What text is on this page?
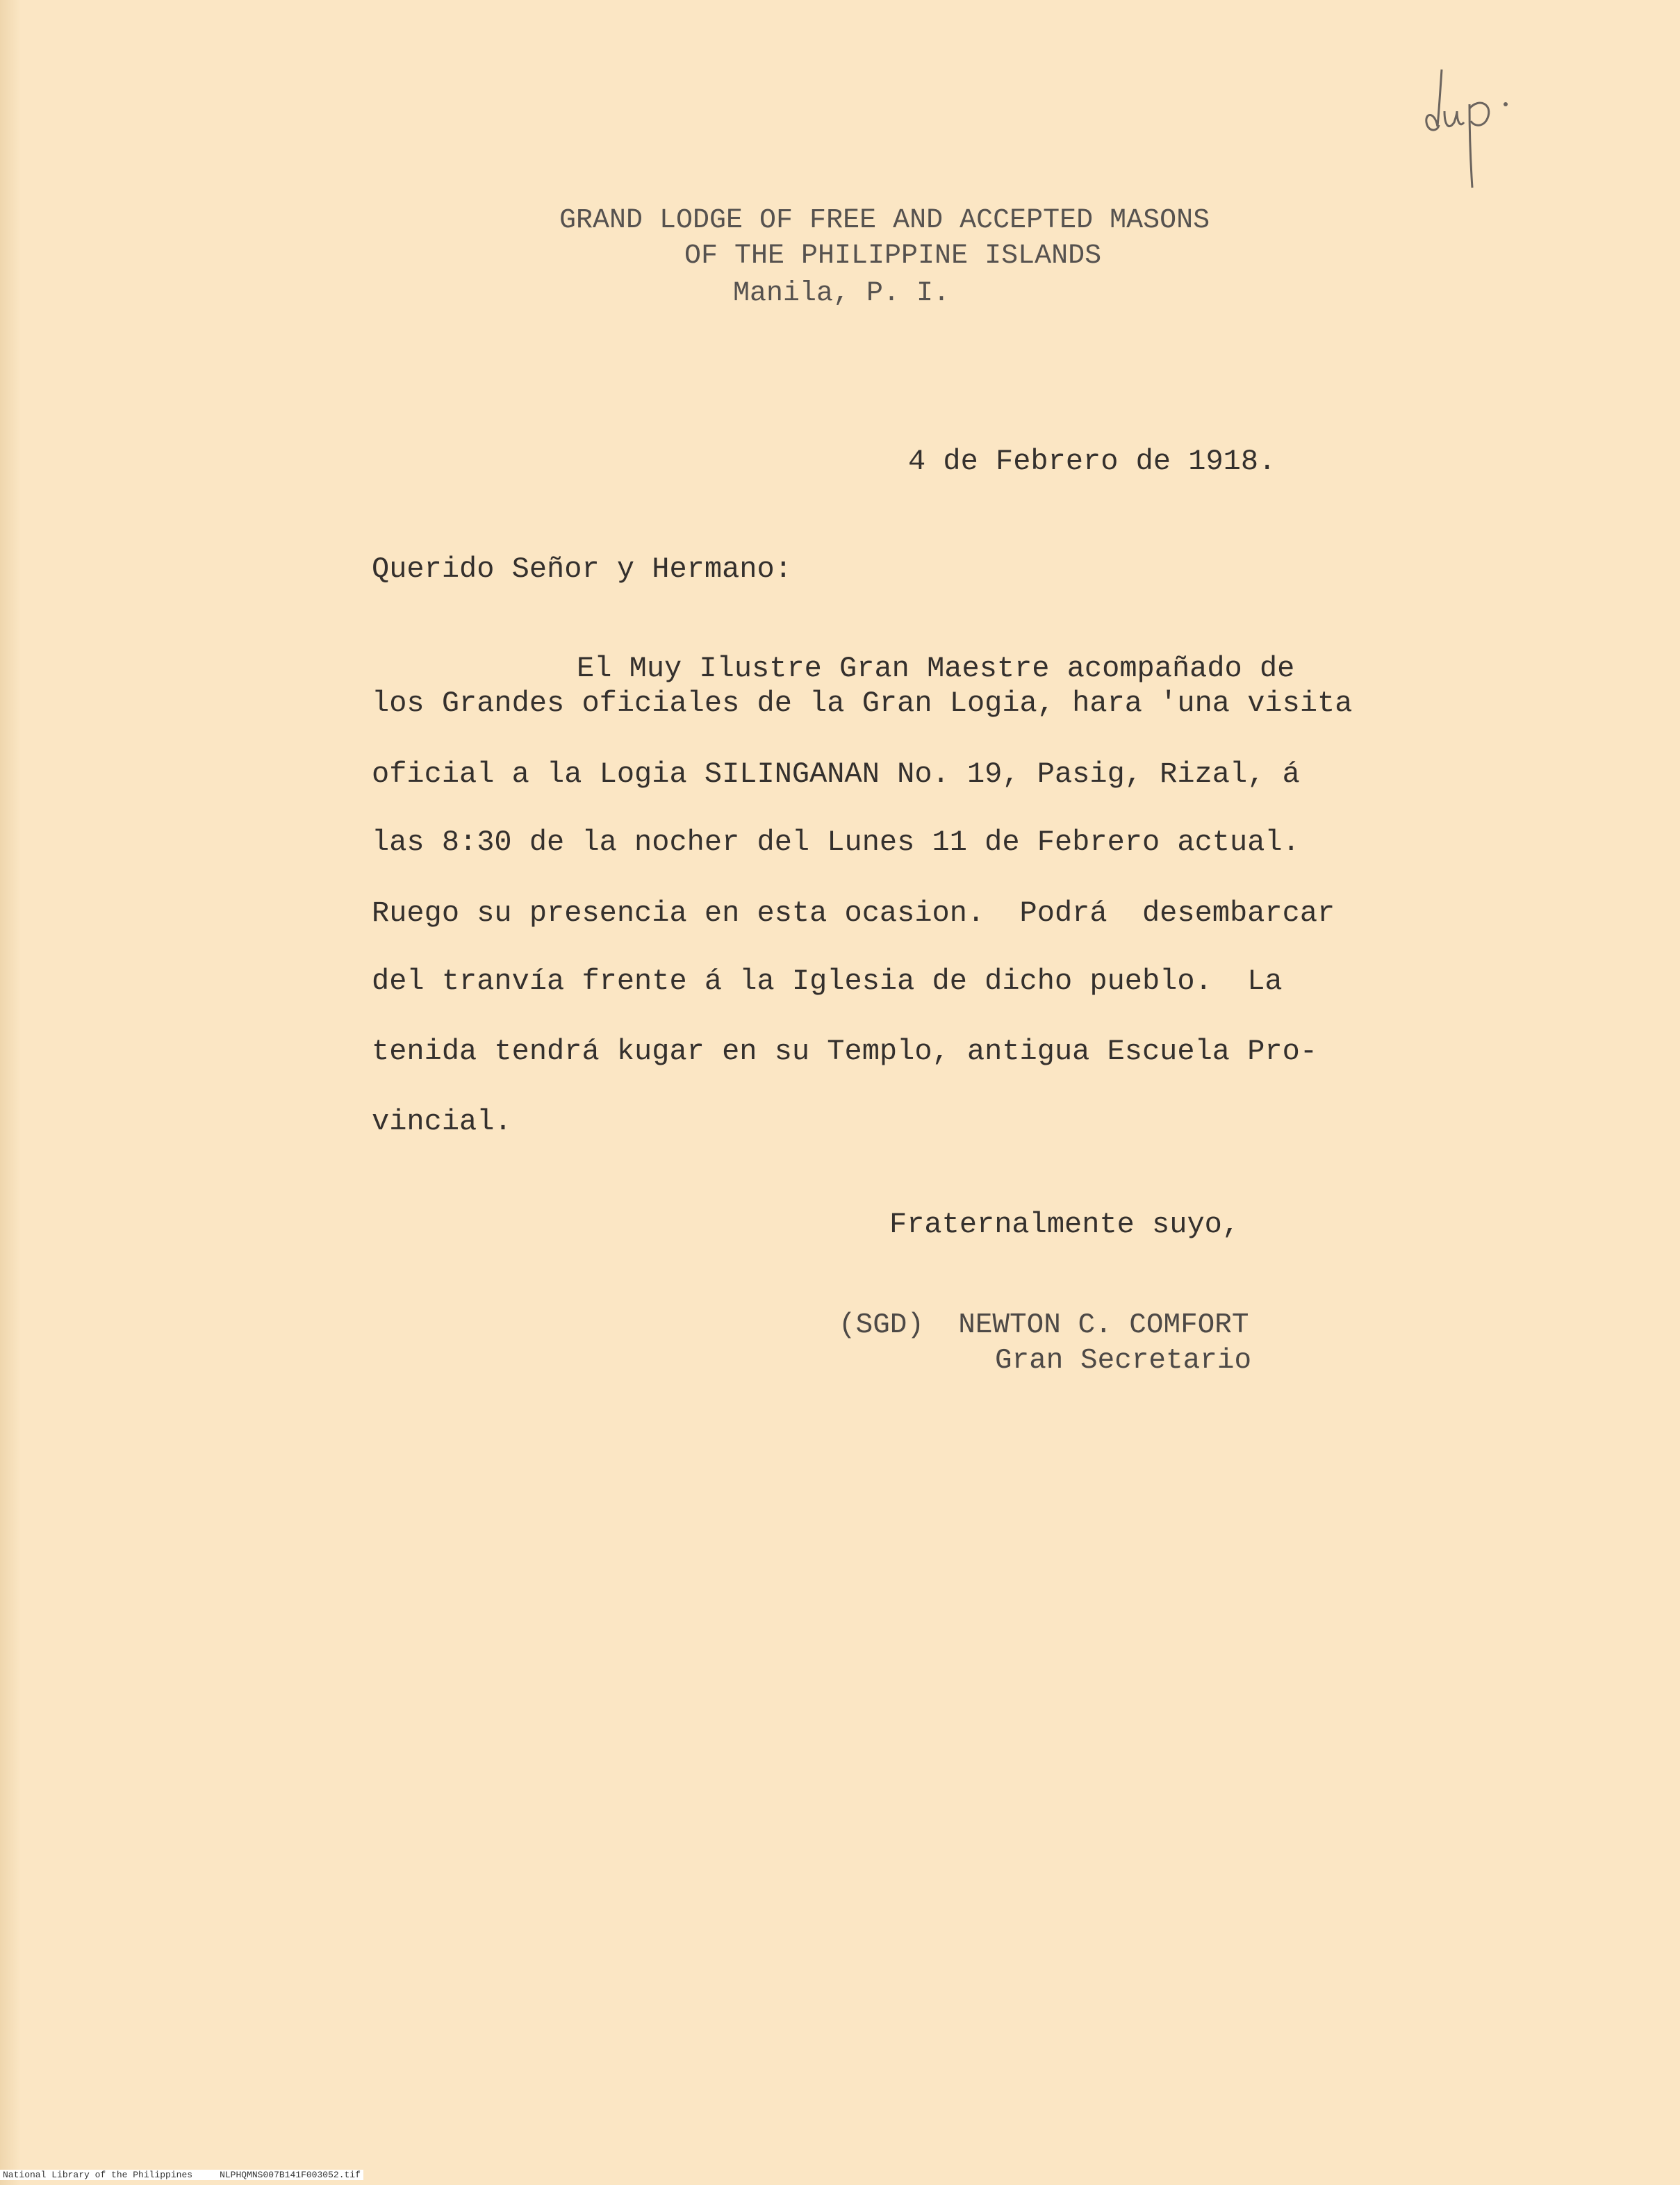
GRAND LODGE OF FREE AND ACCEPTED MASONS
OF THE PHILIPPINE ISLANDS
Manila, P. I.
4 de Febrero de 1918.
Querido Señor y Hermano:
El Muy Ilustre Gran Maestre acompañado de
los Grandes oficiales de la Gran Logia, hara ′una visita
oficial a la Logia SILINGANAN No. 19, Pasig, Rizal, á
las 8:30 de la nocher del Lunes 11 de Febrero actual.
Ruego su presencia en esta ocasion.  Podrá  desembarcar
del tranvía frente á la Iglesia de dicho pueblo.  La
tenida tendrá kugar en su Templo, antigua Escuela Pro-
vincial.
Fraternalmente suyo,
(SGD)  NEWTON C. COMFORT
Gran Secretario
National Library of the Philippines	NLPHQMNS007B141F003052.tif
